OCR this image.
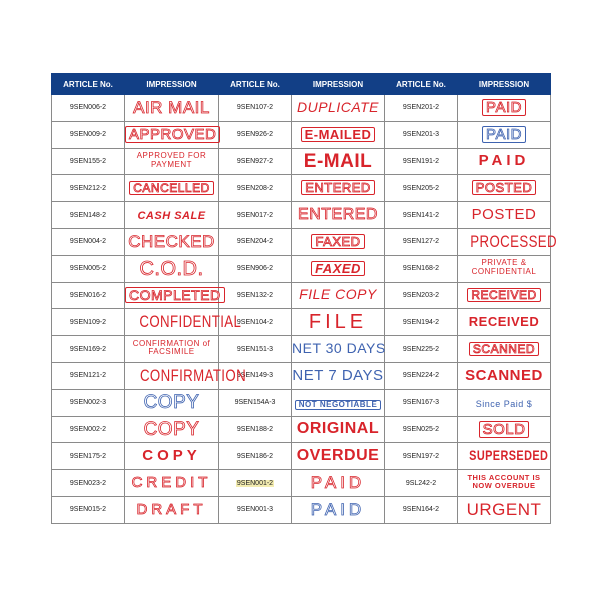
ARTICLE No.	IMPRESSION	ARTICLE No.	IMPRESSION	ARTICLE No.	IMPRESSION
9SEN006-2	AIR MAIL	9SEN107-2	DUPLICATE	9SEN201-2	PAID
9SEN009-2	APPROVED	9SEN926-2	E-MAILED	9SEN201-3	PAID
9SEN155-2	APPROVED FOR PAYMENT	9SEN927-2	E-MAIL	9SEN191-2	PAID
9SEN212-2	CANCELLED	9SEN208-2	ENTERED	9SEN205-2	POSTED
9SEN148-2	CASH SALE	9SEN017-2	ENTERED	9SEN141-2	POSTED
9SEN004-2	CHECKED	9SEN204-2	FAXED	9SEN127-2	PROCESSED
9SEN005-2	C.O.D.	9SEN906-2	FAXED	9SEN168-2	PRIVATE & CONFIDENTIAL
9SEN016-2	COMPLETED	9SEN132-2	FILE COPY	9SEN203-2	RECEIVED
9SEN109-2	CONFIDENTIAL	9SEN104-2	FILE	9SEN194-2	RECEIVED
9SEN169-2	CONFIRMATION of FACSIMILE	9SEN151-3	NET 30 DAYS	9SEN225-2	SCANNED
9SEN121-2	CONFIRMATION	9SEN149-3	NET 7 DAYS	9SEN224-2	SCANNED
9SEN002-3	COPY	9SEN154A-3	NOT NEGOTIABLE	9SEN167-3	Since Paid $
9SEN002-2	COPY	9SEN188-2	ORIGINAL	9SEN025-2	SOLD
9SEN175-2	COPY	9SEN186-2	OVERDUE	9SEN197-2	SUPERSEDED
9SEN023-2	CREDIT	9SEN001-2	PAID	9SL242-2	THIS ACCOUNT IS NOW OVERDUE
9SEN015-2	DRAFT	9SEN001-3	PAID	9SEN164-2	URGENT
